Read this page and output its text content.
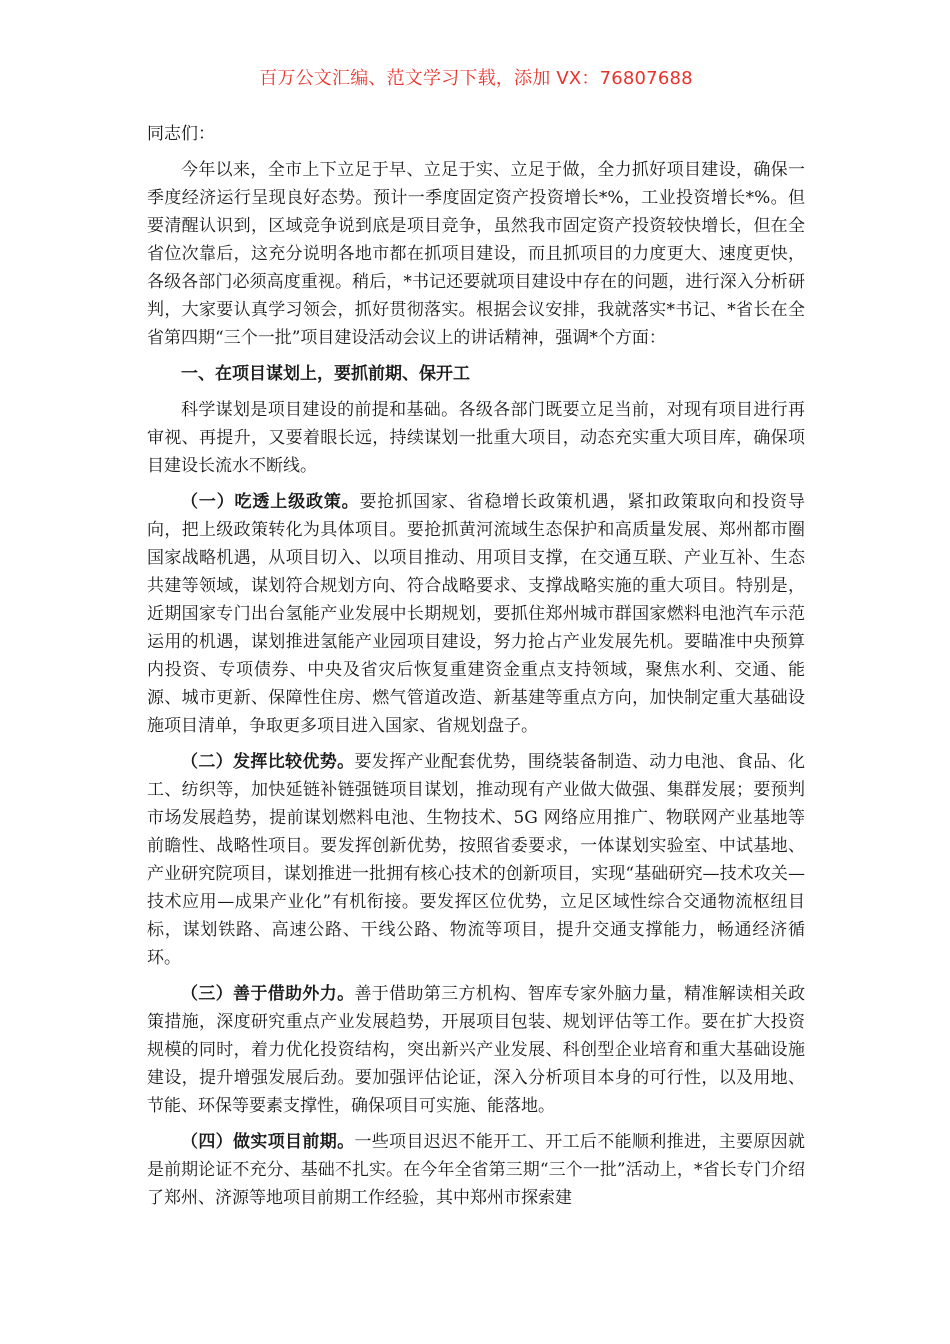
百万公文汇编、范文学习下载，添加 VX：76807688
同志们：

今年以来，全市上下立足于早、立足于实、立足于做，全力抓好项目建设，确保一季度经济运行呈现良好态势。预计一季度固定资产投资增长*%，工业投资增长*%。但要清醒认识到，区域竞争说到底是项目竞争，虽然我市固定资产投资较快增长，但在全省位次靠后，这充分说明各地市都在抓项目建设，而且抓项目的力度更大、速度更快，各级各部门必须高度重视。稍后，*书记还要就项目建设中存在的问题，进行深入分析研判，大家要认真学习领会，抓好贯彻落实。根据会议安排，我就落实*书记、*省长在全省第四期“三个一批”项目建设活动会议上的讲话精神，强调*个方面：

一、在项目谋划上，要抓前期、保开工

科学谋划是项目建设的前提和基础。各级各部门既要立足当前，对现有项目进行再审视、再提升，又要着眼长远，持续谋划一批重大项目，动态充实重大项目库，确保项目建设长流水不断线。

（一）吃透上级政策。要抢抓国家、省稳增长政策机遇，紧扣政策取向和投资导向，把上级政策转化为具体项目。要抢抓黄河流域生态保护和高质量发展、郑州都市圈国家战略机遇，从项目切入、以项目推动、用项目支撑，在交通互联、产业互补、生态共建等领域，谋划符合规划方向、符合战略要求、支撑战略实施的重大项目。特别是，近期国家专门出台氢能产业发展中长期规划，要抓住郑州城市群国家燃料电池汽车示范运用的机遇，谋划推进氢能产业园项目建设，努力抢占产业发展先机。要瞄准中央预算内投资、专项债券、中央及省灾后恢复重建资金重点支持领域，聚焦水利、交通、能源、城市更新、保障性住房、燃气管道改造、新基建等重点方向，加快制定重大基础设施项目清单，争取更多项目进入国家、省规划盘子。

（二）发挥比较优势。要发挥产业配套优势，围绕装备制造、动力电池、食品、化工、纺织等，加快延链补链强链项目谋划，推动现有产业做大做强、集群发展；要预判市场发展趋势，提前谋划燃料电池、生物技术、5G 网络应用推广、物联网产业基地等前瞻性、战略性项目。要发挥创新优势，按照省委要求，一体谋划实验室、中试基地、产业研究院项目，谋划推进一批拥有核心技术的创新项目，实现“基础研究—技术攻关—技术应用—成果产业化”有机衔接。要发挥区位优势，立足区域性综合交通物流枢纽目标，谋划铁路、高速公路、干线公路、物流等项目，提升交通支撑能力，畅通经济循环。

（三）善于借助外力。善于借助第三方机构、智库专家外脑力量，精准解读相关政策措施，深度研究重点产业发展趋势，开展项目包装、规划评估等工作。要在扩大投资规模的同时，着力优化投资结构，突出新兴产业发展、科创型企业培育和重大基础设施建设，提升增强发展后劲。要加强评估论证，深入分析项目本身的可行性，以及用地、节能、环保等要素支撑性，确保项目可实施、能落地。

（四）做实项目前期。一些项目迟迟不能开工、开工后不能顺利推进，主要原因就是前期论证不充分、基础不扎实。在今年全省第三期“三个一批”活动上，*省长专门介绍了郑州、济源等地项目前期工作经验，其中郑州市探索建
